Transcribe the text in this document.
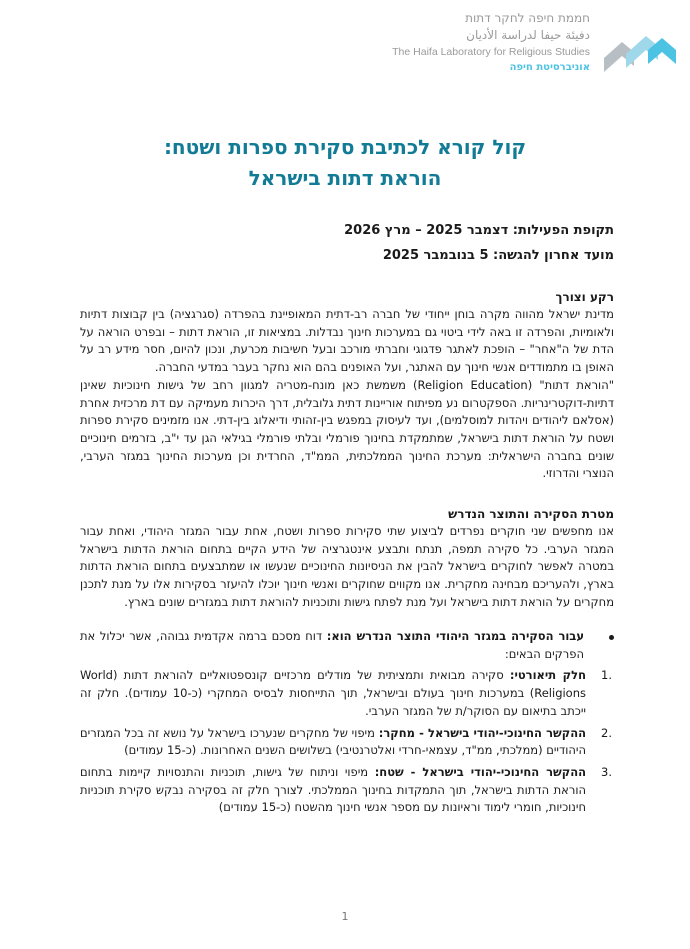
חממת חיפה לחקר דתות
دفيئة حيفا لدراسة الأديان
The Haifa Laboratory for Religious Studies
אוניברסיטת חיפה
קול קורא לכתיבת סקירת ספרות ושטח:
הוראת דתות בישראל
תקופת הפעילות: דצמבר 2025 – מרץ 2026
מועד אחרון להגשה: 5 בנובמבר 2025

רקע וצורך

מדינת ישראל מהווה מקרה בוחן ייחודי של חברה רב-דתית המאופיינת בהפרדה (סגרגציה) בין קבוצות דתיות ולאומיות, והפרדה זו באה לידי ביטוי גם במערכות חינוך נבדלות. במציאות זו, הוראת דתות – ובפרט הוראה על הדת של ה"אחר" – הופכת לאתגר פדגוגי וחברתי מורכב ובעל חשיבות מכרעת, ונכון להיום, חסר מידע רב על האופן בו מתמודדים אנשי חינוך עם האתגר, ועל האופנים בהם הוא נחקר בעבר במדעי החברה.

"הוראת דתות" (Religion Education) משמשת כאן מונח-מטריה למגוון רחב של גישות חינוכיות שאינן דתיות-דוקטרינריות. הספקטרום נע מפיתוח אוריינות דתית גלובלית, דרך היכרות מעמיקה עם דת מרכזית אחרת (אסלאם ליהודים ויהדות למוסלמים), ועד לעיסוק במפגש בין-זהותי ודיאלוג בין-דתי. אנו מזמינים סקירת ספרות ושטח על הוראת דתות בישראל, שמתמקדת בחינוך פורמלי ובלתי פורמלי בגילאי הגן עד י"ב, בזרמים חינוכיים שונים בחברה הישראלית: מערכת החינוך הממלכתית, הממ"ד, החרדית וכן מערכות החינוך במגזר הערבי, הנוצרי והדרוזי.

מטרת הסקירה והתוצר הנדרש

אנו מחפשים שני חוקרים נפרדים לביצוע שתי סקירות ספרות ושטח, אחת עבור המגזר היהודי, ואחת עבור המגזר הערבי. כל סקירה תמפה, תנתח ותבצע אינטגרציה של הידע הקיים בתחום הוראת הדתות בישראל במטרה לאפשר לחוקרים בישראל להבין את הניסיונות החינוכיים שנעשו או שמתבצעים בתחום הוראת הדתות בארץ, ולהעריכם מבחינה מחקרית. אנו מקווים שחוקרים ואנשי חינוך יוכלו להיעזר בסקירות אלו על מנת לתכנן מחקרים על הוראת דתות בישראל ועל מנת לפתח גישות ותוכניות להוראת דתות במגזרים שונים בארץ.

עבור הסקירה במגזר היהודי התוצר הנדרש הוא: דוח מסכם ברמה אקדמית גבוהה, אשר יכלול את הפרקים הבאים:
1.
חלק תיאורטי: סקירה מבואית ותמציתית של מודלים מרכזיים קונספטואליים להוראת דתות (World Religions) במערכות חינוך בעולם ובישראל, תוך התייחסות לבסיס המחקרי (כ-10 עמודים). חלק זה ייכתב בתיאום עם הסוקר/ת של המגזר הערבי.
2.
ההקשר החינוכי-יהודי בישראל - מחקר: מיפוי של מחקרים שנערכו בישראל על נושא זה בכל המגזרים היהודיים (ממלכתי, ממ"ד, עצמאי-חרדי ואלטרנטיבי) בשלושים השנים האחרונות. (כ-15 עמודים)
3.
ההקשר החינוכי-יהודי בישראל - שטח: מיפוי וניתוח של גישות, תוכניות והתנסויות קיימות בתחום הוראת הדתות בישראל, תוך התמקדות בחינוך הממלכתי. לצורך חלק זה בסקירה נבקש סקירת תוכניות חינוכיות, חומרי לימוד וראיונות עם מספר אנשי חינוך מהשטח (כ-15 עמודים)
1
